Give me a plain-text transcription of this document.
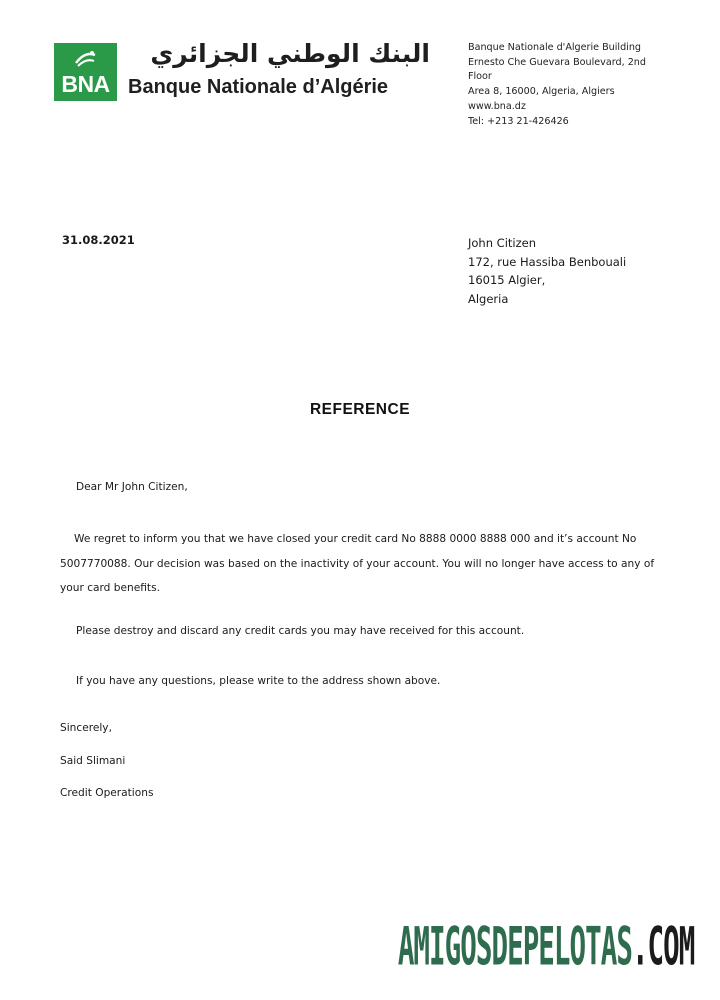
BNA
البنك الوطني الجزائري
Banque Nationale d’Algérie
Banque Nationale d'Algerie Building
Ernesto Che Guevara Boulevard, 2nd
Floor
Area 8, 16000, Algeria, Algiers
www.bna.dz
Tel: +213 21-426426
31.08.2021	John Citizen
172, rue Hassiba Benbouali
16015 Algier,
Algeria
REFERENCE
Dear Mr John Citizen,
We regret to inform you that we have closed your credit card No 8888 0000 8888 000 and it’s account No 5007770088. Our decision was based on the inactivity of your account. You will no longer have access to any of your card benefits.
Please destroy and discard any credit cards you may have received for this account.
If you have any questions, please write to the address shown above.
Sincerely,
Said Slimani
Credit Operations
AMIGOSDEPELOTAS.COM
